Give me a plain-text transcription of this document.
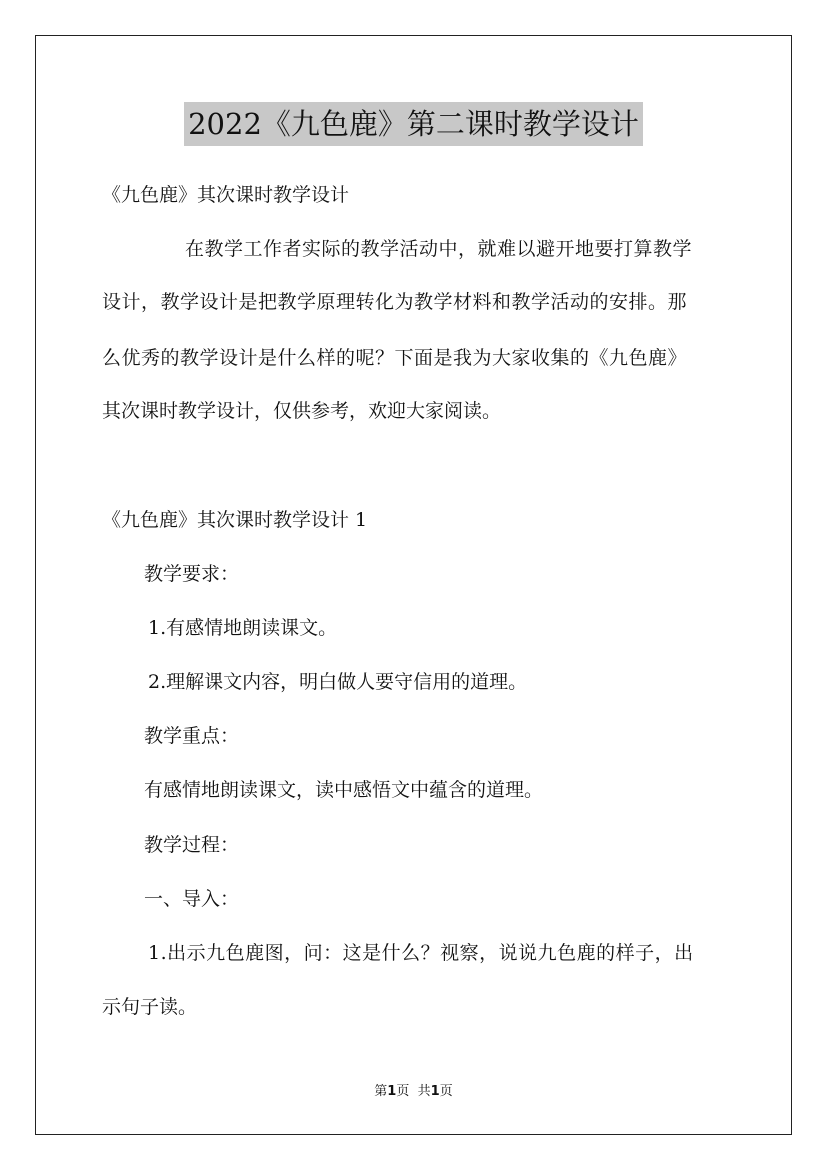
2022《九色鹿》第二课时教学设计
《九色鹿》其次课时教学设计
在教学工作者实际的教学活动中，就难以避开地要打算教学
设计，教学设计是把教学原理转化为教学材料和教学活动的安排。那
么优秀的教学设计是什么样的呢？下面是我为大家收集的《九色鹿》
其次课时教学设计，仅供参考，欢迎大家阅读。
《九色鹿》其次课时教学设计 1
教学要求：
1.有感情地朗读课文。
2.理解课文内容，明白做人要守信用的道理。
教学重点：
有感情地朗读课文，读中感悟文中蕴含的道理。
教学过程：
一、导入：
1.出示九色鹿图，问：这是什么？视察，说说九色鹿的样子，出
示句子读。
第1页 共1页
